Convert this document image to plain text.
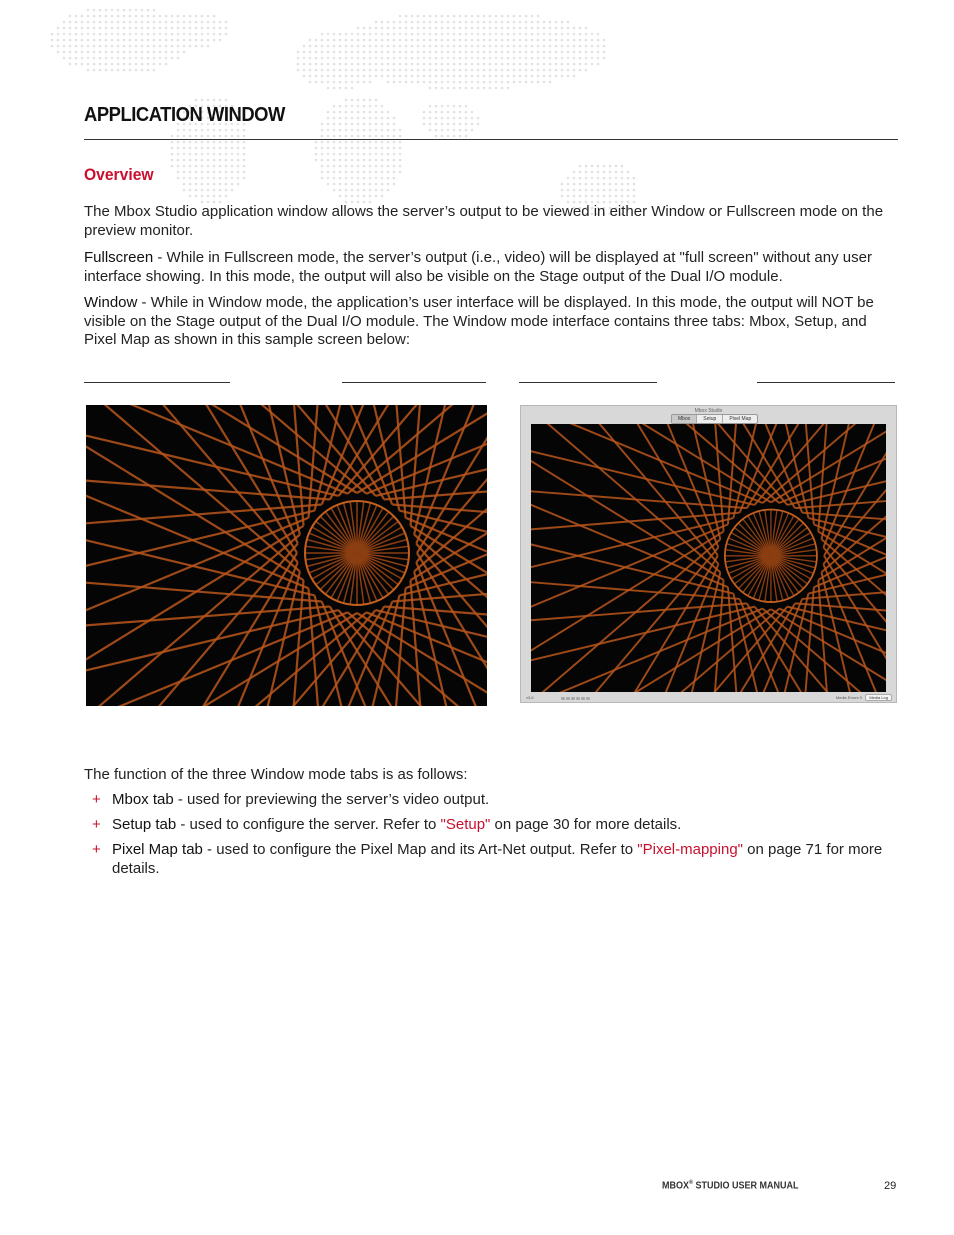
APPLICATION WINDOW
Overview

The Mbox Studio application window allows the server’s output to be viewed in either Window or Fullscreen mode on the preview monitor.

Fullscreen - While in Fullscreen mode, the server’s output (i.e., video) will be displayed at "full screen" without any user interface showing. In this mode, the output will also be visible on the Stage output of the Dual I/O module.

Window - While in Window mode, the application’s user interface will be displayed. In this mode, the output will NOT be visible on the Stage output of the Dual I/O module. The Window mode interface contains three tabs: Mbox, Setup, and Pixel Map as shown in this sample screen below:

Mbox Studio
Mbox	Setup	Pixel Map
v3.6	Media Errors 0	Media Log

The function of the three Window mode tabs is as follows:

+ Mbox tab - used for previewing the server’s video output.
+ Setup tab - used to configure the server. Refer to "Setup" on page 30 for more details.
+ Pixel Map tab - used to configure the Pixel Map and its Art-Net output. Refer to "Pixel-mapping" on page 71 for more details.
MBOX® STUDIO USER MANUAL	29
